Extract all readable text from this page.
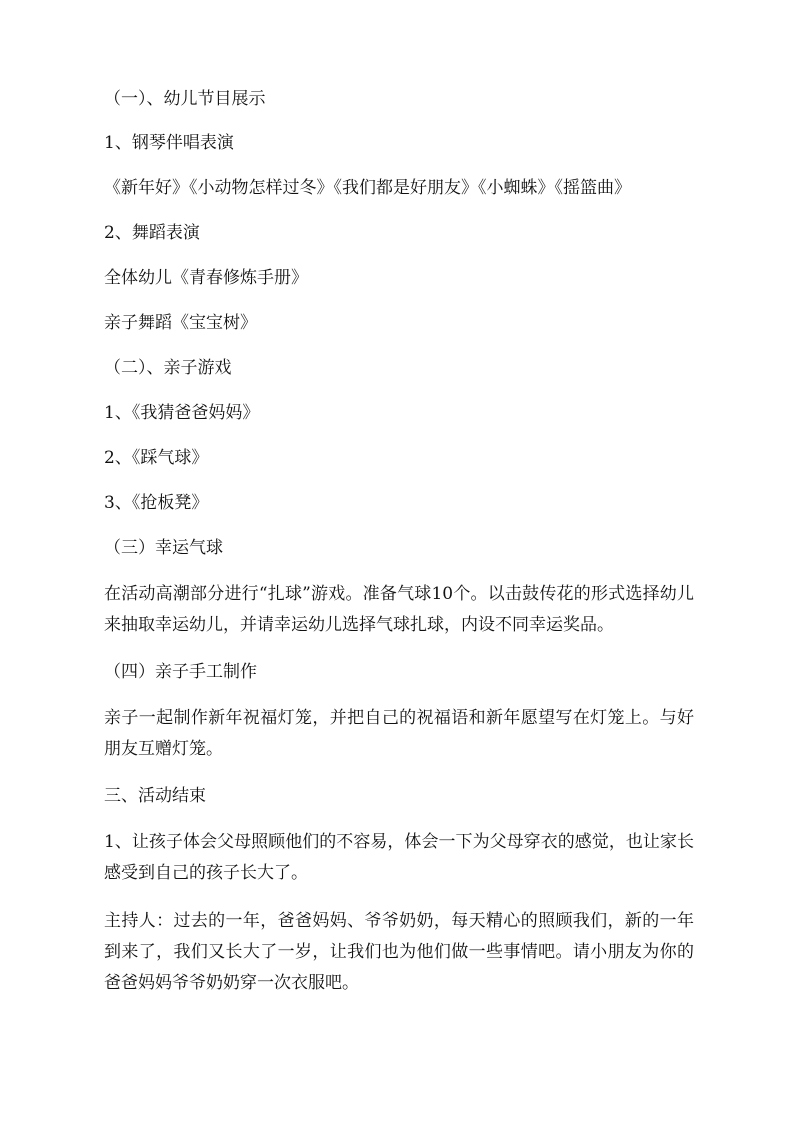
（一）、幼儿节目展示

1、钢琴伴唱表演

《新年好》《小动物怎样过冬》《我们都是好朋友》《小蜘蛛》《摇篮曲》

2、舞蹈表演

全体幼儿《青春修炼手册》

亲子舞蹈《宝宝树》

（二）、亲子游戏

1、《我猜爸爸妈妈》

2、《踩气球》

3、《抢板凳》

（三）幸运气球

在活动高潮部分进行“扎球”游戏。准备气球10个。以击鼓传花的形式选择幼儿来抽取幸运幼儿，并请幸运幼儿选择气球扎球，内设不同幸运奖品。

（四）亲子手工制作

亲子一起制作新年祝福灯笼，并把自己的祝福语和新年愿望写在灯笼上。与好朋友互赠灯笼。

三、活动结束

1、让孩子体会父母照顾他们的不容易，体会一下为父母穿衣的感觉，也让家长感受到自己的孩子长大了。

主持人：过去的一年，爸爸妈妈、爷爷奶奶，每天精心的照顾我们，新的一年到来了，我们又长大了一岁，让我们也为他们做一些事情吧。请小朋友为你的爸爸妈妈爷爷奶奶穿一次衣服吧。
